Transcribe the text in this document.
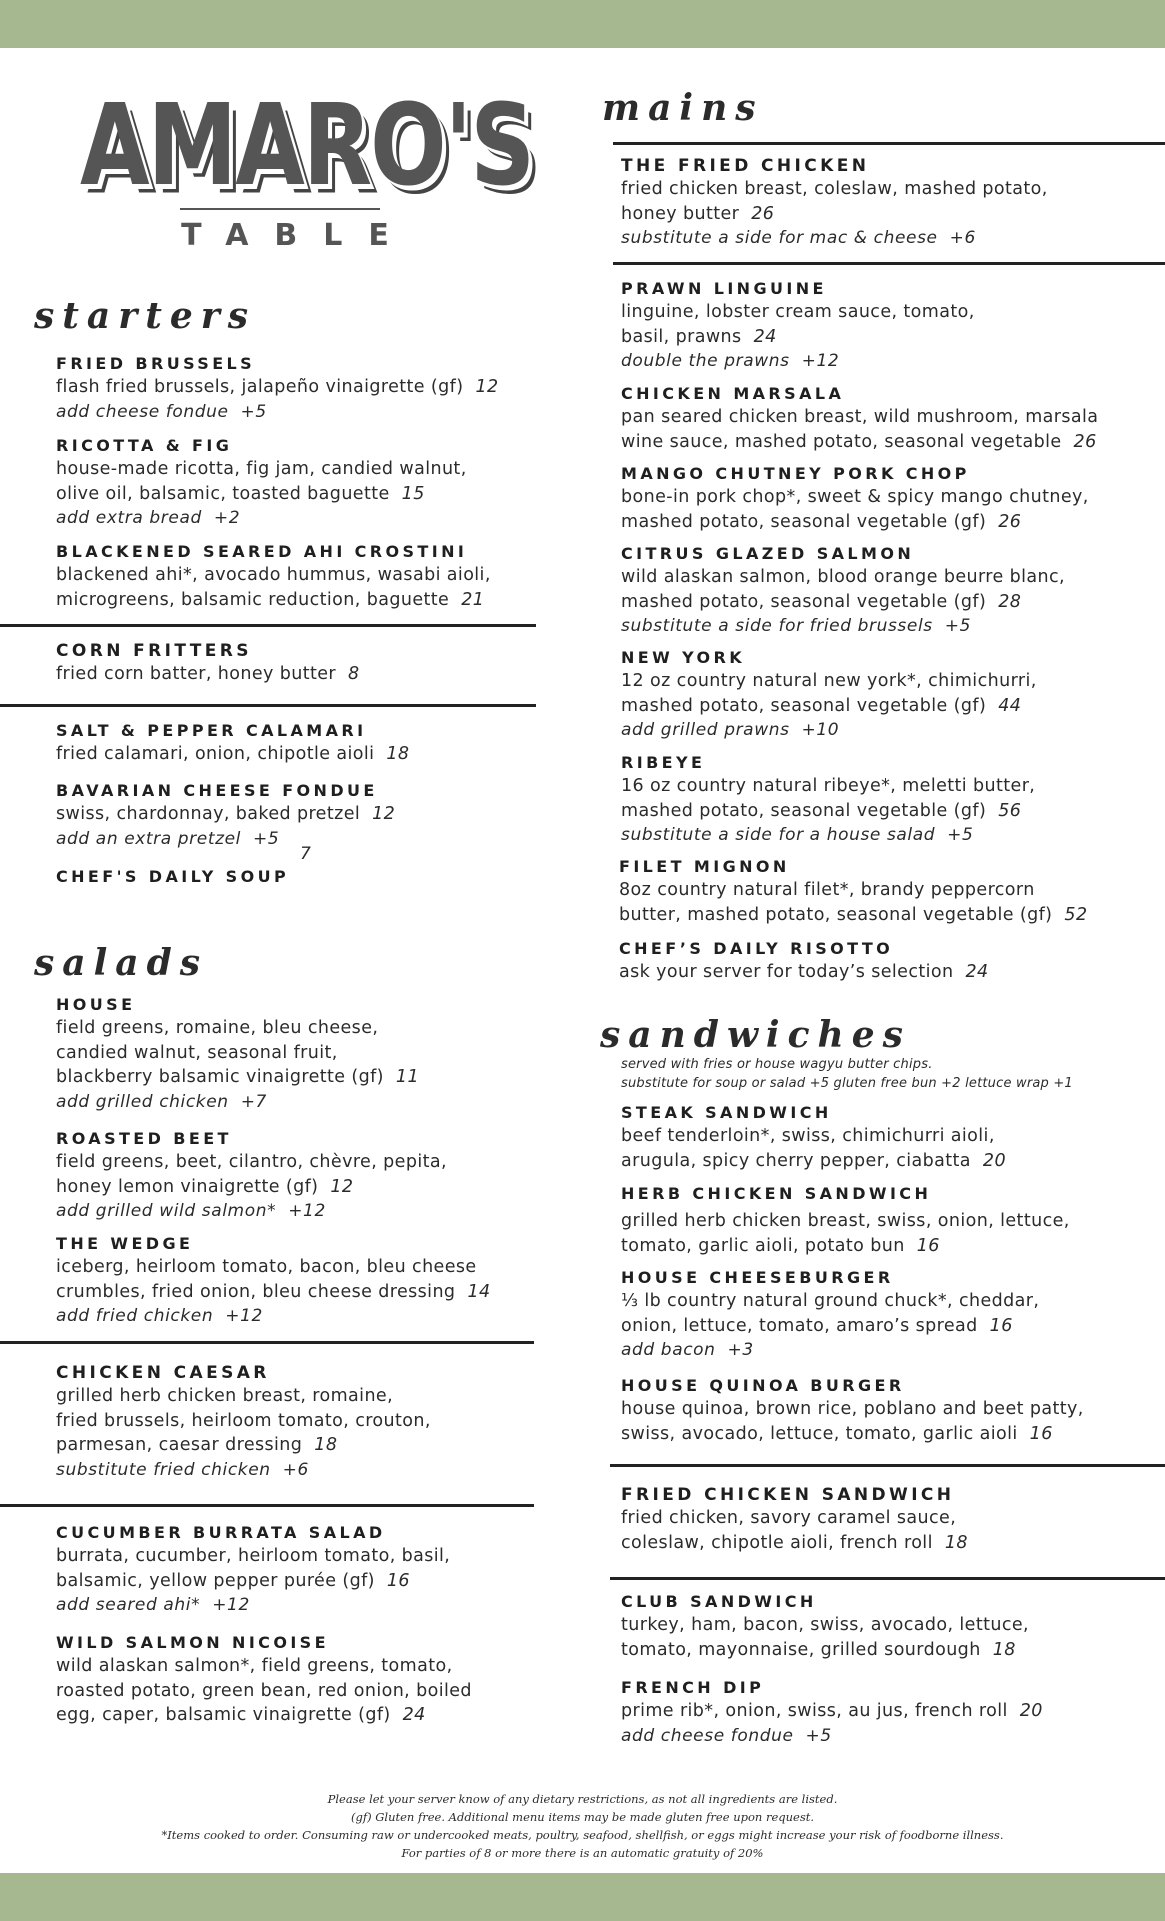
AMARO'S
TABLE
starters
FRIED BRUSSELS
flash fried brussels, jalapeño vinaigrette (gf) 12
add cheese fondue +5
RICOTTA & FIG
house-made ricotta, fig jam, candied walnut,
olive oil, balsamic, toasted baguette 15
add extra bread +2
BLACKENED SEARED AHI CROSTINI
blackened ahi*, avocado hummus, wasabi aioli,
microgreens, balsamic reduction, baguette 21
CORN FRITTERS
fried corn batter, honey butter 8
SALT & PEPPER CALAMARI
fried calamari, onion, chipotle aioli 18
BAVARIAN CHEESE FONDUE
swiss, chardonnay, baked pretzel 12
add an extra pretzel +5
CHEF'S DAILY SOUP
7
salads
HOUSE
field greens, romaine, bleu cheese,
candied walnut, seasonal fruit,
blackberry balsamic vinaigrette (gf) 11
add grilled chicken +7
ROASTED BEET
field greens, beet, cilantro, chèvre, pepita,
honey lemon vinaigrette (gf) 12
add grilled wild salmon* +12
THE WEDGE
iceberg, heirloom tomato, bacon, bleu cheese
crumbles, fried onion, bleu cheese dressing 14
add fried chicken +12
CHICKEN CAESAR
grilled herb chicken breast, romaine,
fried brussels, heirloom tomato, crouton,
parmesan, caesar dressing 18
substitute fried chicken +6
CUCUMBER BURRATA SALAD
burrata, cucumber, heirloom tomato, basil,
balsamic, yellow pepper purée (gf) 16
add seared ahi* +12
WILD SALMON NICOISE
wild alaskan salmon*, field greens, tomato,
roasted potato, green bean, red onion, boiled
egg, caper, balsamic vinaigrette (gf) 24
mains
THE FRIED CHICKEN
fried chicken breast, coleslaw, mashed potato,
honey butter 26
substitute a side for mac & cheese +6
PRAWN LINGUINE
linguine, lobster cream sauce, tomato,
basil, prawns 24
double the prawns +12
CHICKEN MARSALA
pan seared chicken breast, wild mushroom, marsala
wine sauce, mashed potato, seasonal vegetable 26
MANGO CHUTNEY PORK CHOP
bone-in pork chop*, sweet & spicy mango chutney,
mashed potato, seasonal vegetable (gf) 26
CITRUS GLAZED SALMON
wild alaskan salmon, blood orange beurre blanc,
mashed potato, seasonal vegetable (gf) 28
substitute a side for fried brussels +5
NEW YORK
12 oz country natural new york*, chimichurri,
mashed potato, seasonal vegetable (gf) 44
add grilled prawns +10
RIBEYE
16 oz country natural ribeye*, meletti butter,
mashed potato, seasonal vegetable (gf) 56
substitute a side for a house salad +5
FILET MIGNON
8oz country natural filet*, brandy peppercorn
butter, mashed potato, seasonal vegetable (gf) 52
CHEF’S DAILY RISOTTO
ask your server for today’s selection 24
sandwiches
served with fries or house wagyu butter chips.
substitute for soup or salad +5 gluten free bun +2 lettuce wrap +1
STEAK SANDWICH
beef tenderloin*, swiss, chimichurri aioli,
arugula, spicy cherry pepper, ciabatta 20
HERB CHICKEN SANDWICH
grilled herb chicken breast, swiss, onion, lettuce,
tomato, garlic aioli, potato bun 16
HOUSE CHEESEBURGER
⅓ lb country natural ground chuck*, cheddar,
onion, lettuce, tomato, amaro’s spread 16
add bacon +3
HOUSE QUINOA BURGER
house quinoa, brown rice, poblano and beet patty,
swiss, avocado, lettuce, tomato, garlic aioli 16
FRIED CHICKEN SANDWICH
fried chicken, savory caramel sauce,
coleslaw, chipotle aioli, french roll 18
CLUB SANDWICH
turkey, ham, bacon, swiss, avocado, lettuce,
tomato, mayonnaise, grilled sourdough 18
FRENCH DIP
prime rib*, onion, swiss, au jus, french roll 20
add cheese fondue +5
Please let your server know of any dietary restrictions, as not all ingredients are listed.
(gf) Gluten free. Additional menu items may be made gluten free upon request.
*Items cooked to order. Consuming raw or undercooked meats, poultry, seafood, shellfish, or eggs might increase your risk of foodborne illness.
For parties of 8 or more there is an automatic gratuity of 20%
